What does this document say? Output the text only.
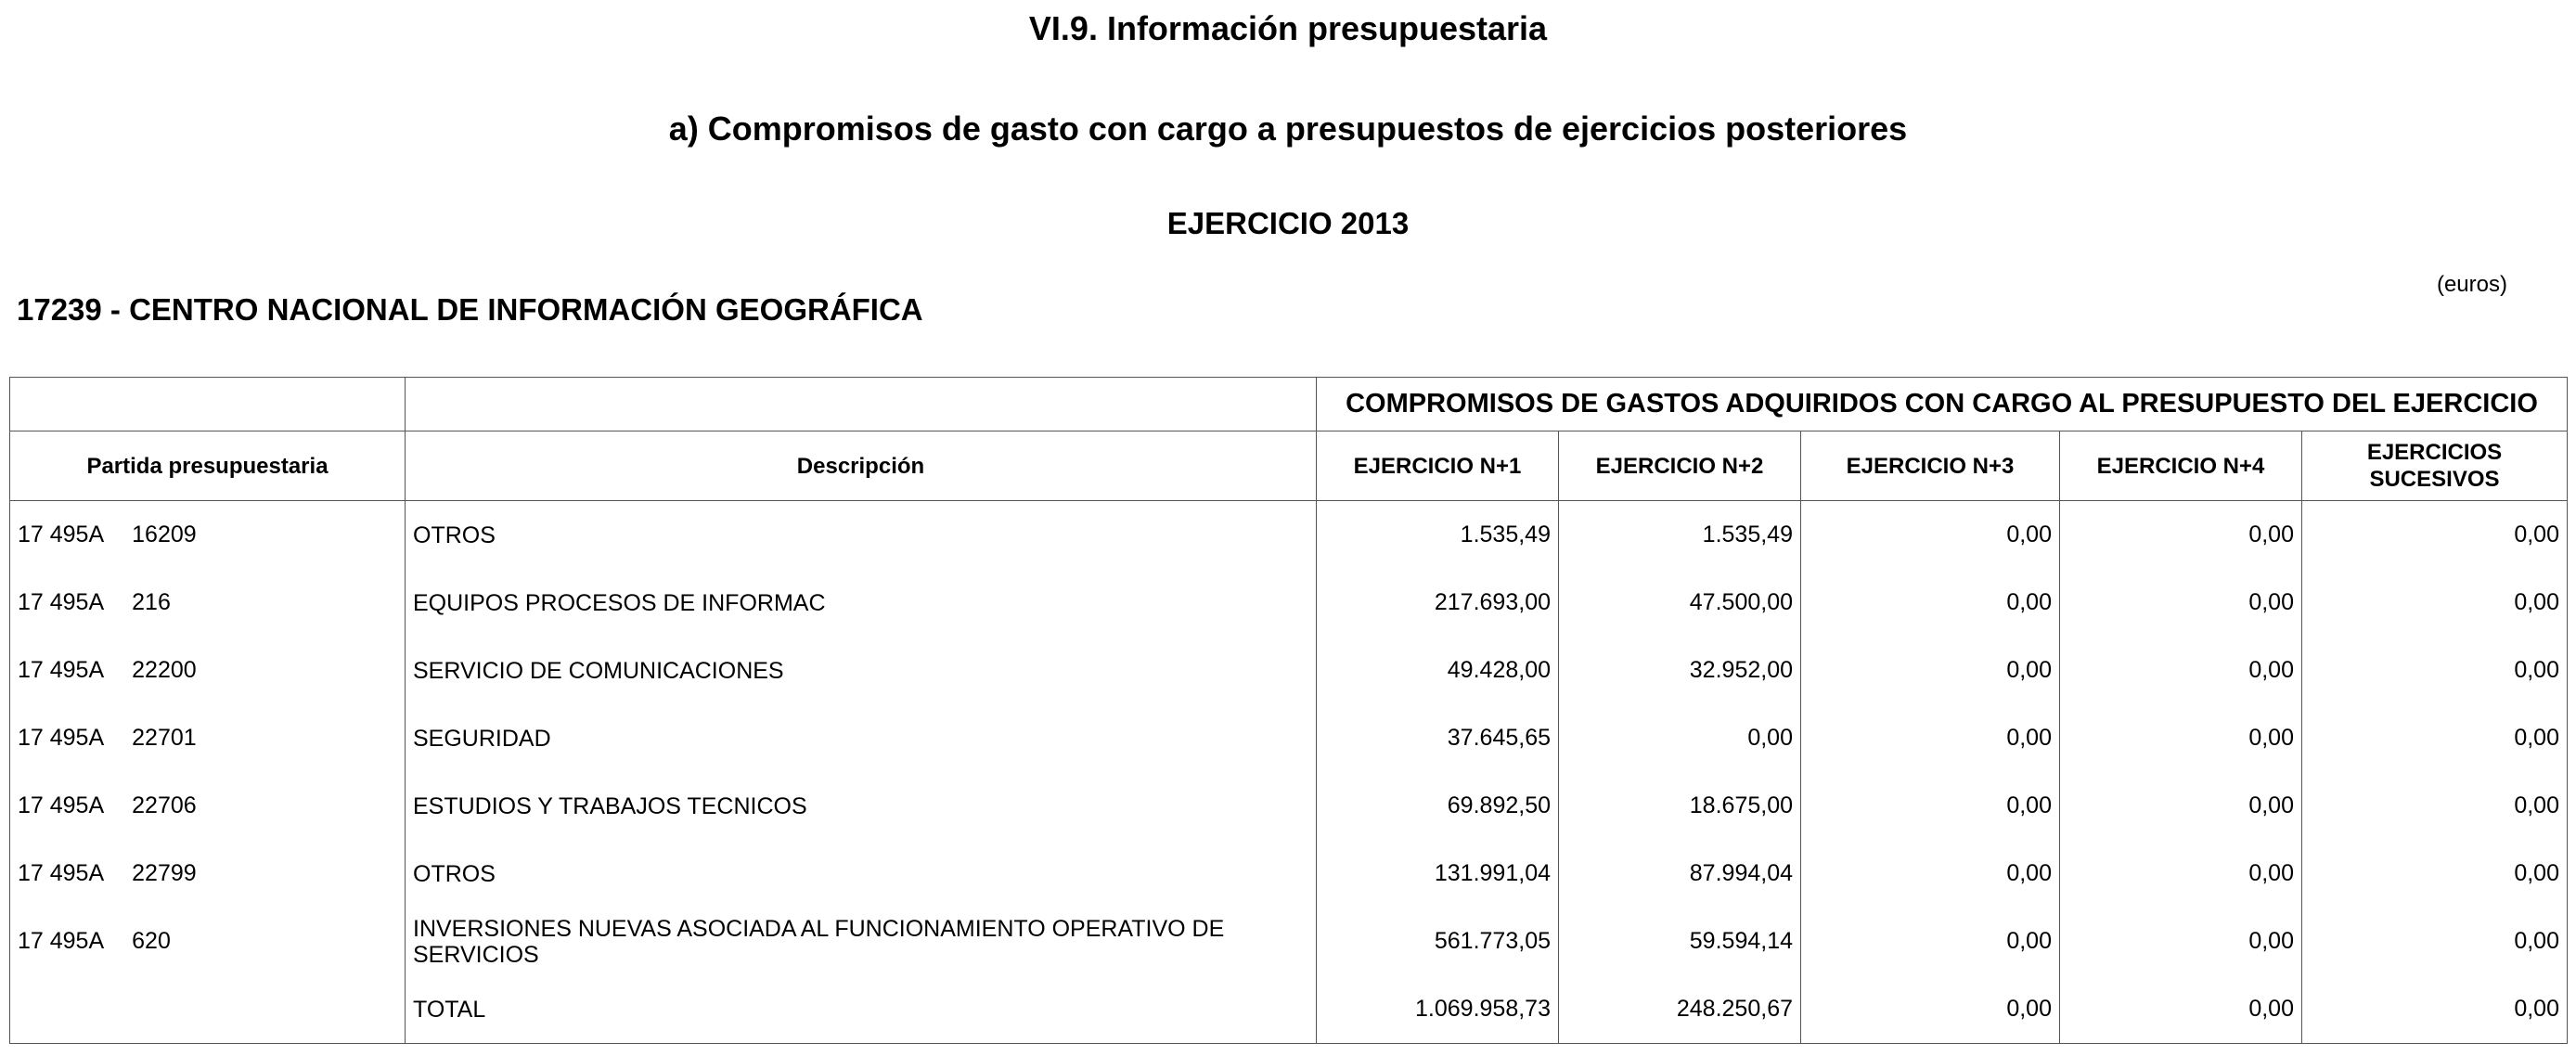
VI.9. Información presupuestaria
a) Compromisos de gasto con cargo a presupuestos de ejercicios posteriores
EJERCICIO 2013
(euros)
17239 - CENTRO NACIONAL DE INFORMACIÓN GEOGRÁFICA
		COMPROMISOS DE GASTOS ADQUIRIDOS CON CARGO AL PRESUPUESTO DEL EJERCICIO				
Partida presupuestaria	Descripción	EJERCICIO N+1	EJERCICIO N+2	EJERCICIO N+3	EJERCICIO N+4	EJERCICIOS SUCESIVOS
17 495A 16209	OTROS	1.535,49	1.535,49	0,00	0,00	0,00
17 495A 216	EQUIPOS PROCESOS DE INFORMAC	217.693,00	47.500,00	0,00	0,00	0,00
17 495A 22200	SERVICIO DE COMUNICACIONES	49.428,00	32.952,00	0,00	0,00	0,00
17 495A 22701	SEGURIDAD	37.645,65	0,00	0,00	0,00	0,00
17 495A 22706	ESTUDIOS Y TRABAJOS TECNICOS	69.892,50	18.675,00	0,00	0,00	0,00
17 495A 22799	OTROS	131.991,04	87.994,04	0,00	0,00	0,00
17 495A 620	INVERSIONES NUEVAS ASOCIADA AL FUNCIONAMIENTO OPERATIVO DE SERVICIOS	561.773,05	59.594,14	0,00	0,00	0,00
	TOTAL	1.069.958,73	248.250,67	0,00	0,00	0,00
